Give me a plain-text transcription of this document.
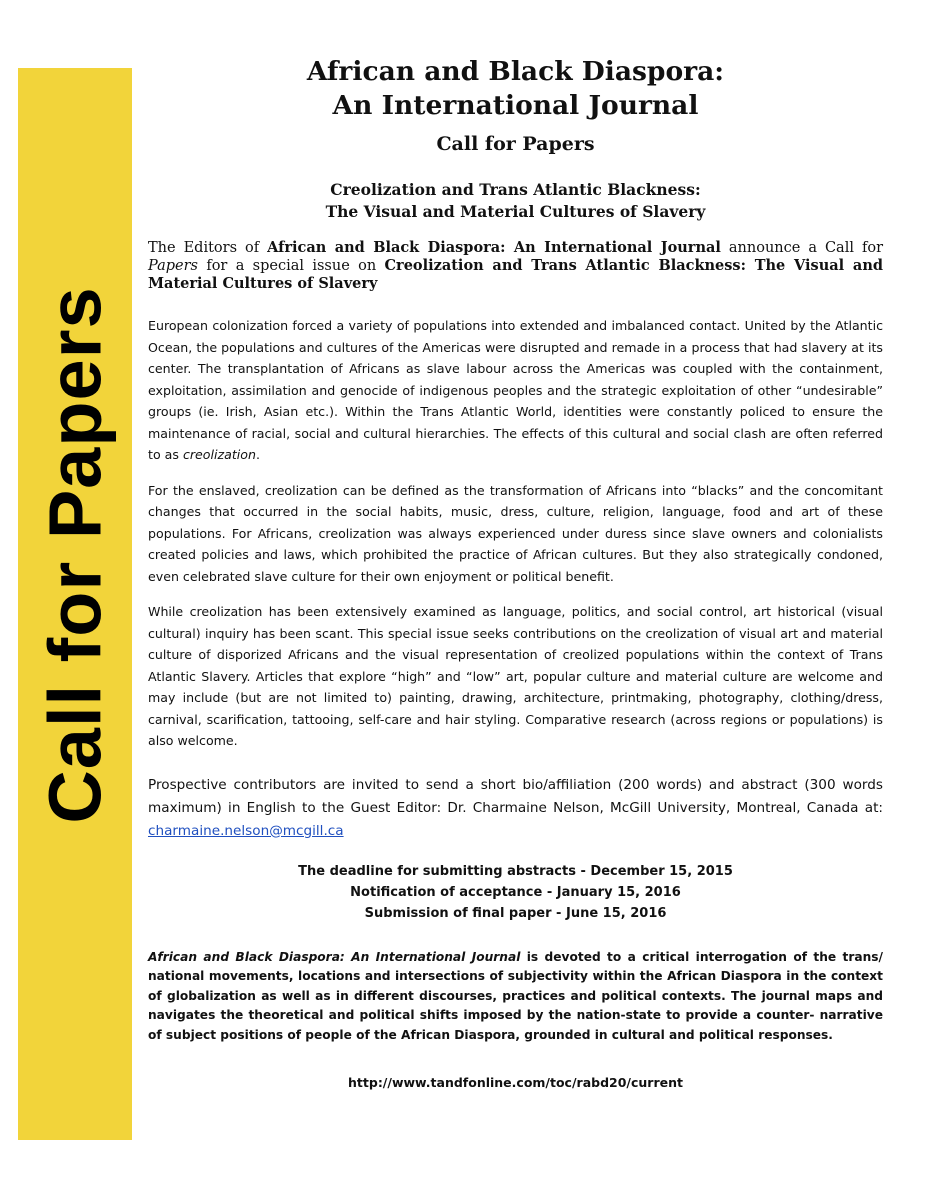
Call for Papers
African and Black Diaspora:
An International Journal
Call for Papers
Creolization and Trans Atlantic Blackness:
The Visual and Material Cultures of Slavery

The Editors of African and Black Diaspora: An International Journal announce a Call for Papers for a special issue on Creolization and Trans Atlantic Blackness: The Visual and Material Cultures of Slavery

European colonization forced a variety of populations into extended and imbalanced contact. United by the Atlantic Ocean, the populations and cultures of the Americas were disrupted and remade in a process that had slavery at its center. The transplantation of Africans as slave labour across the Americas was coupled with the containment, exploitation, assimilation and genocide of indigenous peoples and the strategic exploitation of other “undesirable” groups (ie. Irish, Asian etc.). Within the Trans Atlantic World, identities were constantly policed to ensure the maintenance of racial, social and cultural hierarchies. The effects of this cultural and social clash are often referred to as creolization.

For the enslaved, creolization can be defined as the transformation of Africans into “blacks” and the concomitant changes that occurred in the social habits, music, dress, culture, religion, language, food and art of these populations. For Africans, creolization was always experienced under duress since slave owners and colonialists created policies and laws, which prohibited the practice of African cultures. But they also strategically condoned, even celebrated slave culture for their own enjoyment or political benefit.

While creolization has been extensively examined as language, politics, and social control, art historical (visual cultural) inquiry has been scant. This special issue seeks contributions on the creolization of visual art and material culture of disporized Africans and the visual representation of creolized populations within the context of Trans Atlantic Slavery. Articles that explore “high” and “low” art, popular culture and material culture are welcome and may include (but are not limited to) painting, drawing, architecture, printmaking, photography, clothing/dress, carnival, scarification, tattooing, self-care and hair styling. Comparative research (across regions or populations) is also welcome.

Prospective contributors are invited to send a short bio/affiliation (200 words) and abstract (300 words maximum) in English to the Guest Editor: Dr. Charmaine Nelson, McGill University, Montreal, Canada at: charmaine.nelson@mcgill.ca

The deadline for submitting abstracts - December 15, 2015
Notification of acceptance - January 15, 2016
Submission of final paper - June 15, 2016

African and Black Diaspora: An International Journal is devoted to a critical interrogation of the trans/ national movements, locations and intersections of subjectivity within the African Diaspora in the context of globalization as well as in different discourses, practices and political contexts. The journal maps and navigates the theoretical and political shifts imposed by the nation-state to provide a counter- narrative of subject positions of people of the African Diaspora, grounded in cultural and political responses.

http://www.tandfonline.com/toc/rabd20/current
